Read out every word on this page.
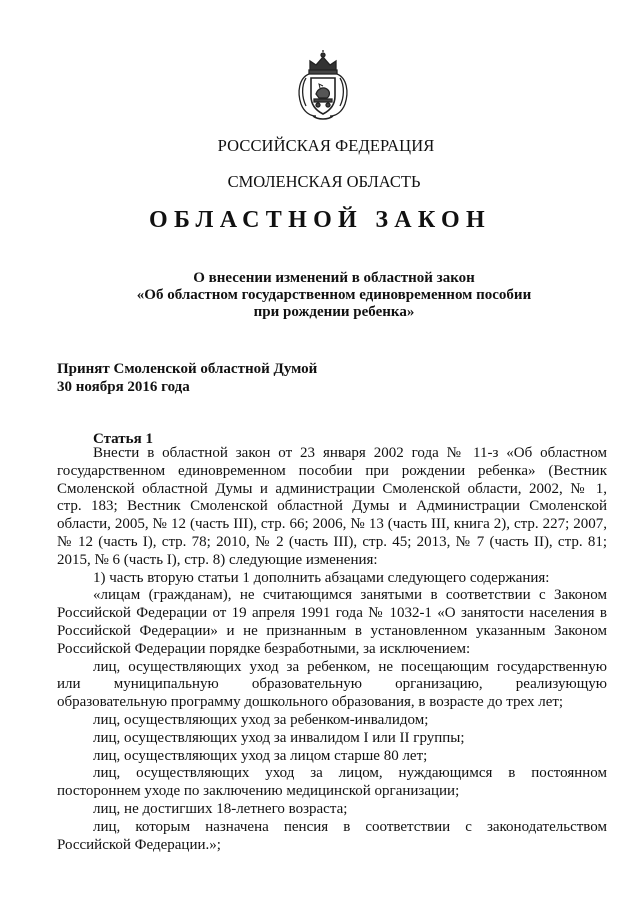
РОССИЙСКАЯ ФЕДЕРАЦИЯ
СМОЛЕНСКАЯ ОБЛАСТЬ
ОБЛАСТНОЙ ЗАКОН
О внесении изменений в областной закон
«Об областном государственном единовременном пособии
при рождении ребенка»
Принят Смоленской областной Думой
30 ноября 2016 года
Статья 1
Внести в областной закон от 23 января 2002 года № 11-з «Об областном
государственном единовременном пособии при рождении ребенка» (Вестник
Смоленской областной Думы и администрации Смоленской области, 2002, № 1,
стр. 183; Вестник Смоленской областной Думы и Администрации Смоленской
области, 2005, № 12 (часть III), стр. 66; 2006, № 13 (часть III, книга 2), стр. 227; 2007,
№ 12 (часть I), стр. 78; 2010, № 2 (часть III), стр. 45; 2013, № 7 (часть II), стр. 81;
2015, № 6 (часть I), стр. 8) следующие изменения:
1) часть вторую статьи 1 дополнить абзацами следующего содержания:
«лицам (гражданам), не считающимся занятыми в соответствии с Законом
Российской Федерации от 19 апреля 1991 года № 1032-1 «О занятости населения в
Российской Федерации» и не признанным в установленном указанным Законом
Российской Федерации порядке безработными, за исключением:
лиц, осуществляющих уход за ребенком, не посещающим государственную
или муниципальную образовательную организацию, реализующую
образовательную программу дошкольного образования, в возрасте до трех лет;
лиц, осуществляющих уход за ребенком-инвалидом;
лиц, осуществляющих уход за инвалидом I или II группы;
лиц, осуществляющих уход за лицом старше 80 лет;
лиц, осуществляющих уход за лицом, нуждающимся в постоянном
постороннем уходе по заключению медицинской организации;
лиц, не достигших 18-летнего возраста;
лиц, которым назначена пенсия в соответствии с законодательством
Российской Федерации.»;
